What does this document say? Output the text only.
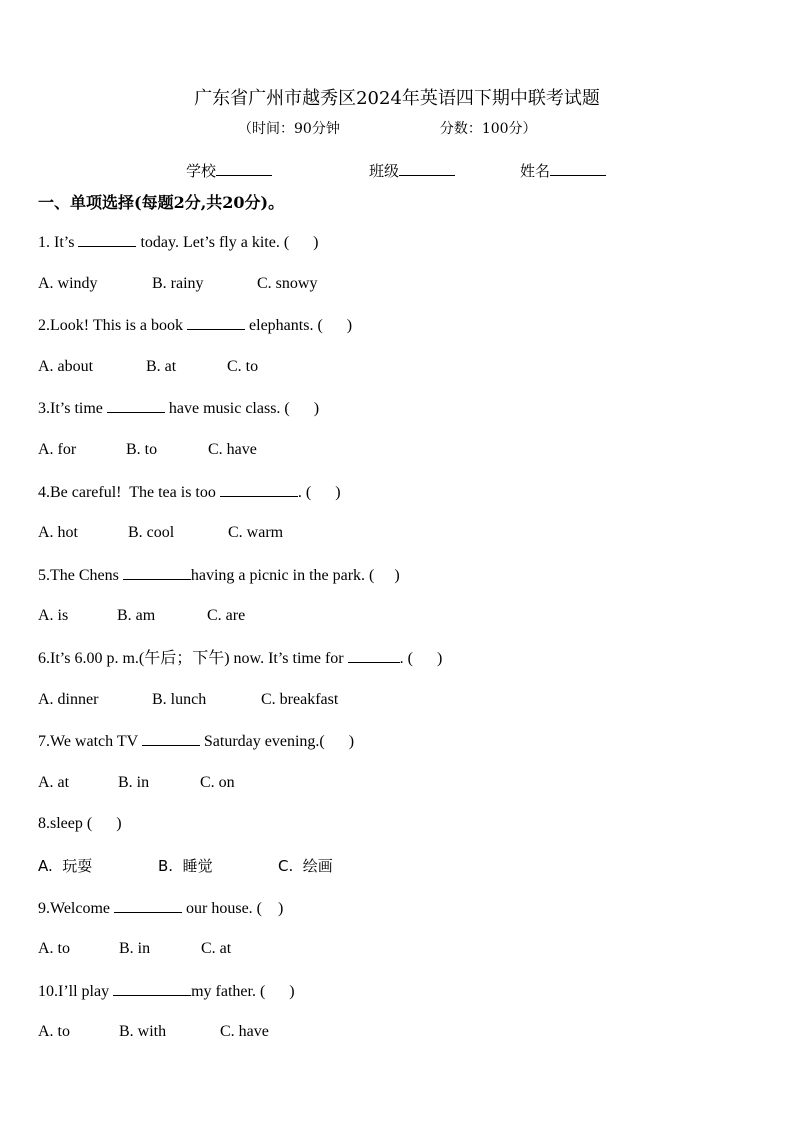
广东省广州市越秀区2024年英语四下期中联考试题
（时间：90分钟	分数：100分）
学校	班级	姓名
一、单项选择(每题2分,共20分)。
1. It’s	today. Let’s fly a kite. (      )
A. windy	B. rainy	C. snowy
2.Look! This is a book	elephants. (      )
A. about	B. at	C. to
3.It’s time	have music class. (      )
A. for	B. to	C. have
4.Be careful!  The tea is too	. (      )
A. hot	B. cool	C. warm
5.The Chens	having a picnic in the park. (     )
A. is	B. am	C. are
6.It’s 6.00 p. m.(午后；下午) now. It’s time for	. (      )
A. dinner	B. lunch	C. breakfast
7.We watch TV	Saturday evening.(      )
A. at	B. in	C. on
8.sleep (      )
A.  玩耍	B.  睡觉	C.  绘画
9.Welcome	our house. (    )
A. to	B. in	C. at
10.I’ll play	my father. (      )
A. to	B. with	C. have
